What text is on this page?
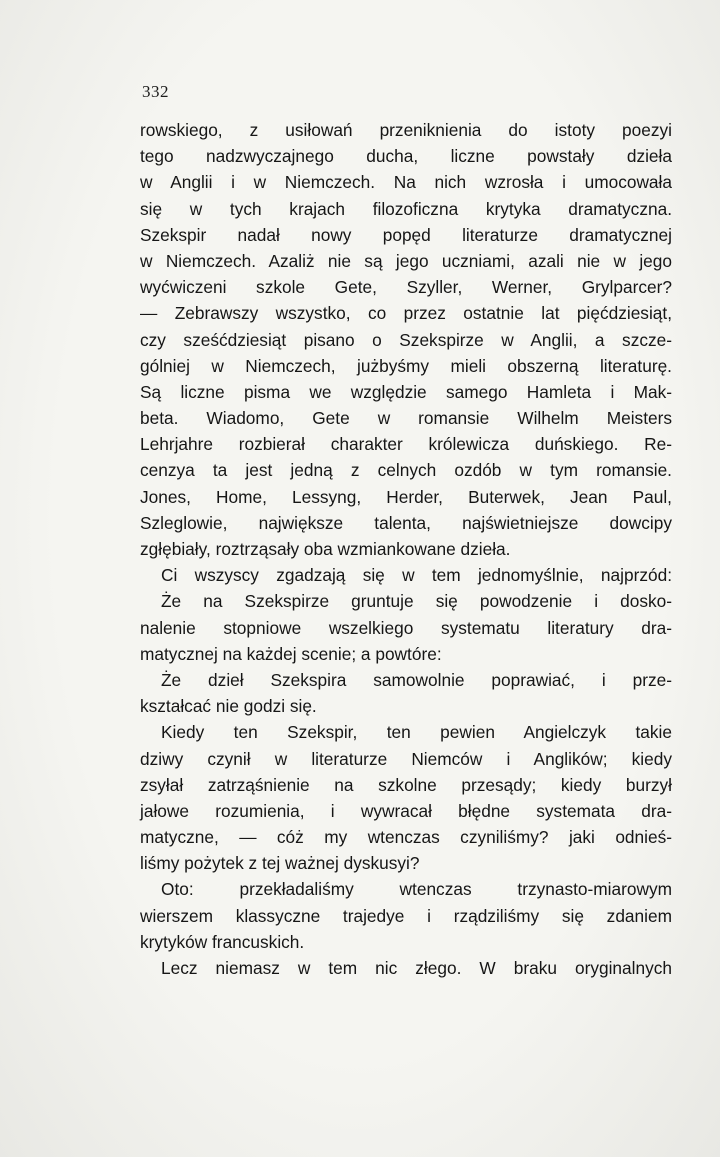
332
rowskiego, z usiłowań przeniknienia do istoty poezyi
tego nadzwyczajnego ducha, liczne powstały dzieła
w Anglii i w Niemczech. Na nich wzrosła i umocowała
się w tych krajach filozoficzna krytyka dramatyczna.
Szekspir nadał nowy popęd literaturze dramatycznej
w Niemczech. Azaliż nie są jego uczniami, azali nie w jego
wyćwiczeni szkole Gete, Szyller, Werner, Grylparcer?
— Zebrawszy wszystko, co przez ostatnie lat pięćdziesiąt,
czy sześćdziesiąt pisano o Szekspirze w Anglii, a szcze-
gólniej w Niemczech, jużbyśmy mieli obszerną literaturę.
Są liczne pisma we względzie samego Hamleta i Mak-
beta. Wiadomo, Gete w romansie Wilhelm Meisters
Lehrjahre rozbierał charakter królewicza duńskiego. Re-
cenzya ta jest jedną z celnych ozdób w tym romansie.
Jones, Home, Lessyng, Herder, Buterwek, Jean Paul,
Szleglowie, największe talenta, najświetniejsze dowcipy
zgłębiały, roztrząsały oba wzmiankowane dzieła.
Ci wszyscy zgadzają się w tem jednomyślnie, najprzód:
Że na Szekspirze gruntuje się powodzenie i dosko-
nalenie stopniowe wszelkiego systematu literatury dra-
matycznej na każdej scenie; a powtóre:
Że dzieł Szekspira samowolnie poprawiać, i prze-
kształcać nie godzi się.
Kiedy ten Szekspir, ten pewien Angielczyk takie
dziwy czynił w literaturze Niemców i Anglików; kiedy
zsyłał zatrząśnienie na szkolne przesądy; kiedy burzył
jałowe rozumienia, i wywracał błędne systemata dra-
matyczne, — cóż my wtenczas czyniliśmy? jaki odnieś-
liśmy pożytek z tej ważnej dyskusyi?
Oto: przekładaliśmy wtenczas trzynasto-miarowym
wierszem klassyczne trajedye i rządziliśmy się zdaniem
krytyków francuskich.
Lecz niemasz w tem nic złego. W braku oryginalnych
